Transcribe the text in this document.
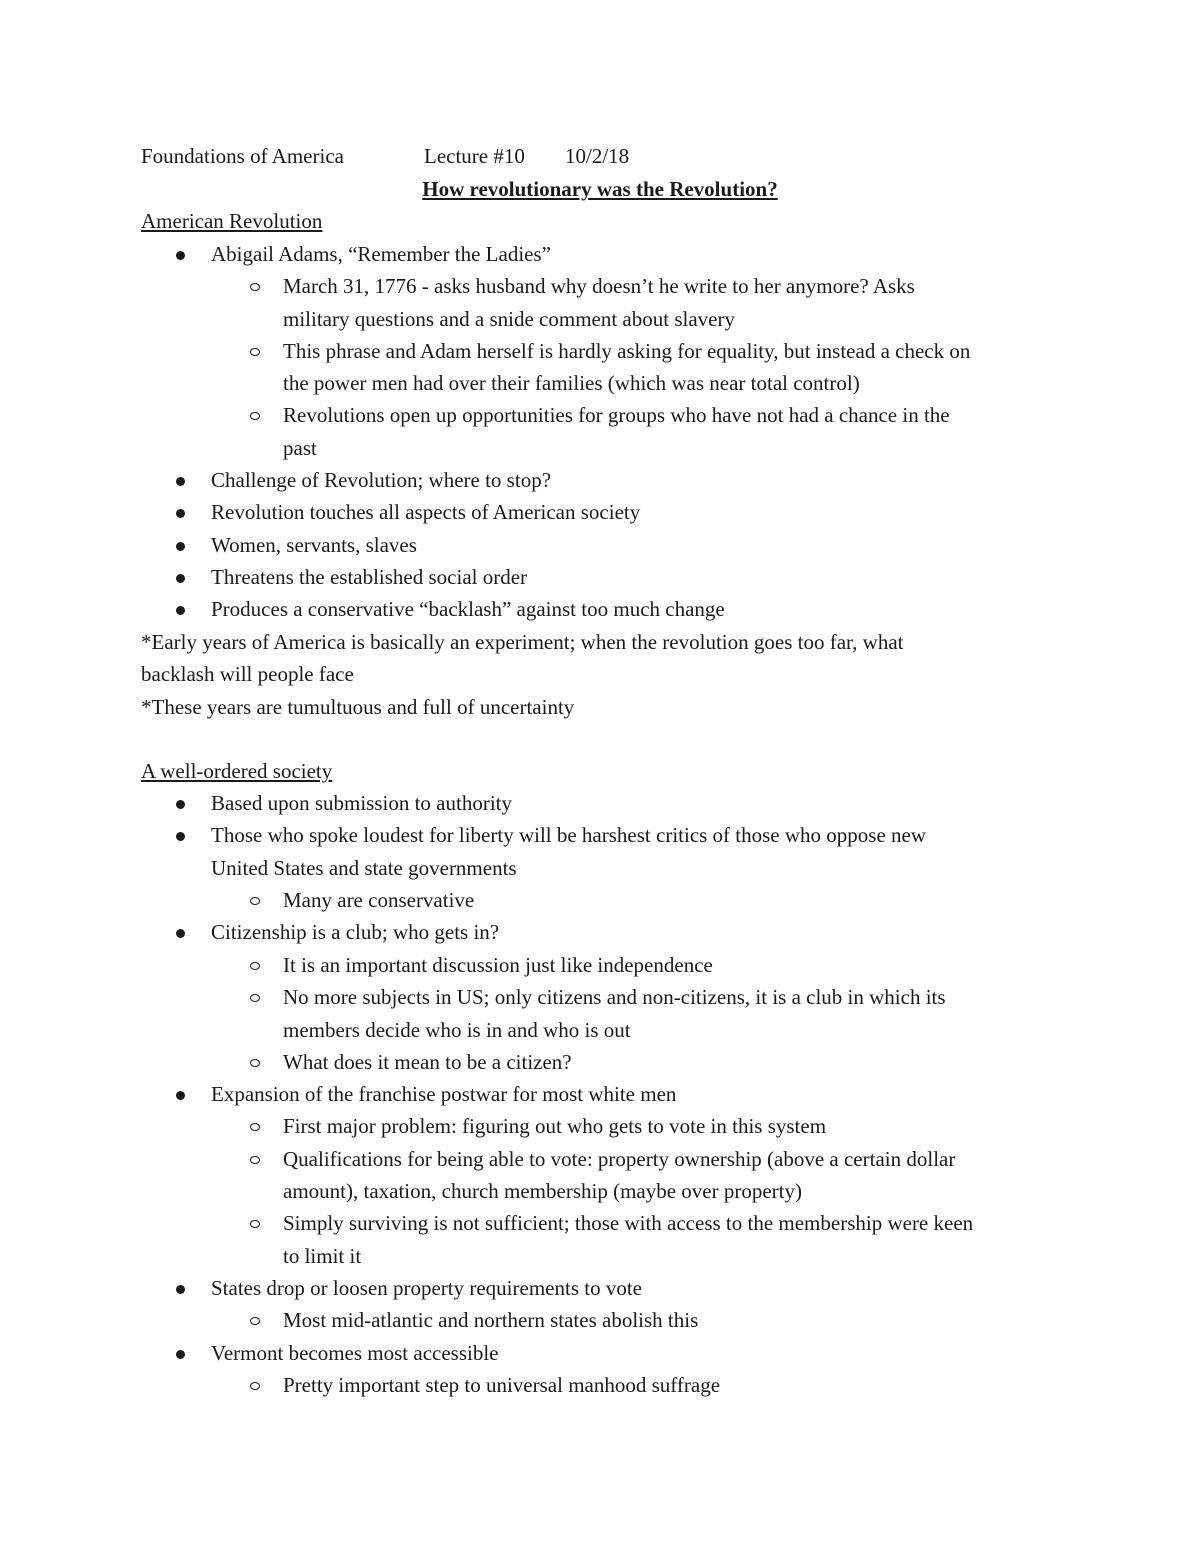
Foundations of America	Lecture #10 10/2/18

How revolutionary was the Revolution?

American Revolution

Abigail Adams, “Remember the Ladies”

March 31, 1776 - asks husband why doesn’t he write to her anymore? Asks

military questions and a snide comment about slavery

This phrase and Adam herself is hardly asking for equality, but instead a check on

the power men had over their families (which was near total control)

Revolutions open up opportunities for groups who have not had a chance in the

past

Challenge of Revolution; where to stop?

Revolution touches all aspects of American society

Women, servants, slaves

Threatens the established social order

Produces a conservative “backlash” against too much change

*Early years of America is basically an experiment; when the revolution goes too far, what

backlash will people face

*These years are tumultuous and full of uncertainty

A well-ordered society

Based upon submission to authority

Those who spoke loudest for liberty will be harshest critics of those who oppose new

United States and state governments

Many are conservative

Citizenship is a club; who gets in?

It is an important discussion just like independence

No more subjects in US; only citizens and non-citizens, it is a club in which its

members decide who is in and who is out

What does it mean to be a citizen?

Expansion of the franchise postwar for most white men

First major problem: figuring out who gets to vote in this system

Qualifications for being able to vote: property ownership (above a certain dollar

amount), taxation, church membership (maybe over property)

Simply surviving is not sufficient; those with access to the membership were keen

to limit it

States drop or loosen property requirements to vote

Most mid-atlantic and northern states abolish this

Vermont becomes most accessible

Pretty important step to universal manhood suffrage
